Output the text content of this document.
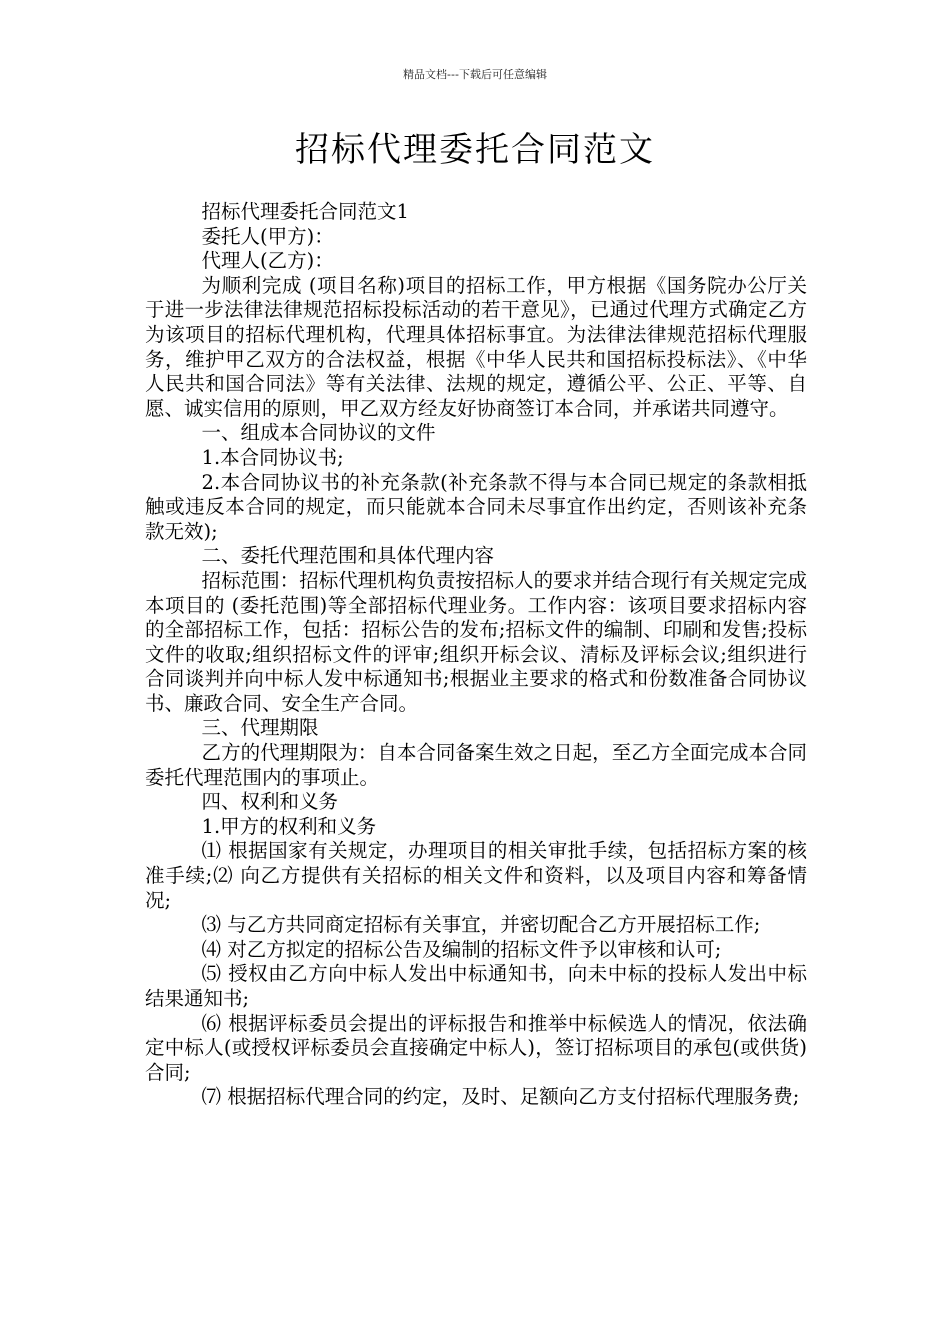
精品文档---下载后可任意编辑
招标代理委托合同范文

招标代理委托合同范文1

委托人(甲方)：

代理人(乙方)：

为顺利完成 (项目名称)项目的招标工作，甲方根据《国务院办公厅关于进一步法律法律规范招标投标活动的若干意见》，已通过代理方式确定乙方为该项目的招标代理机构，代理具体招标事宜。为法律法律规范招标代理服务，维护甲乙双方的合法权益，根据《中华人民共和国招标投标法》、《中华人民共和国合同法》等有关法律、法规的规定，遵循公平、公正、平等、自愿、诚实信用的原则，甲乙双方经友好协商签订本合同，并承诺共同遵守。

一、组成本合同协议的文件

1.本合同协议书;

2.本合同协议书的补充条款(补充条款不得与本合同已规定的条款相抵触或违反本合同的规定，而只能就本合同未尽事宜作出约定，否则该补充条款无效);

二、委托代理范围和具体代理内容

招标范围：招标代理机构负责按招标人的要求并结合现行有关规定完成本项目的 (委托范围)等全部招标代理业务。工作内容：该项目要求招标内容的全部招标工作，包括：招标公告的发布;招标文件的编制、印刷和发售;投标文件的收取;组织招标文件的评审;组织开标会议、清标及评标会议;组织进行合同谈判并向中标人发中标通知书;根据业主要求的格式和份数准备合同协议书、廉政合同、安全生产合同。

三、代理期限

乙方的代理期限为：自本合同备案生效之日起，至乙方全面完成本合同委托代理范围内的事项止。

四、权利和义务

1.甲方的权利和义务

⑴ 根据国家有关规定，办理项目的相关审批手续，包括招标方案的核准手续;⑵ 向乙方提供有关招标的相关文件和资料，以及项目内容和筹备情况;

⑶ 与乙方共同商定招标有关事宜，并密切配合乙方开展招标工作;

⑷ 对乙方拟定的招标公告及编制的招标文件予以审核和认可;

⑸ 授权由乙方向中标人发出中标通知书，向未中标的投标人发出中标结果通知书;

⑹ 根据评标委员会提出的评标报告和推举中标候选人的情况，依法确定中标人(或授权评标委员会直接确定中标人)，签订招标项目的承包(或供货)合同;

⑺ 根据招标代理合同的约定，及时、足额向乙方支付招标代理服务费;
